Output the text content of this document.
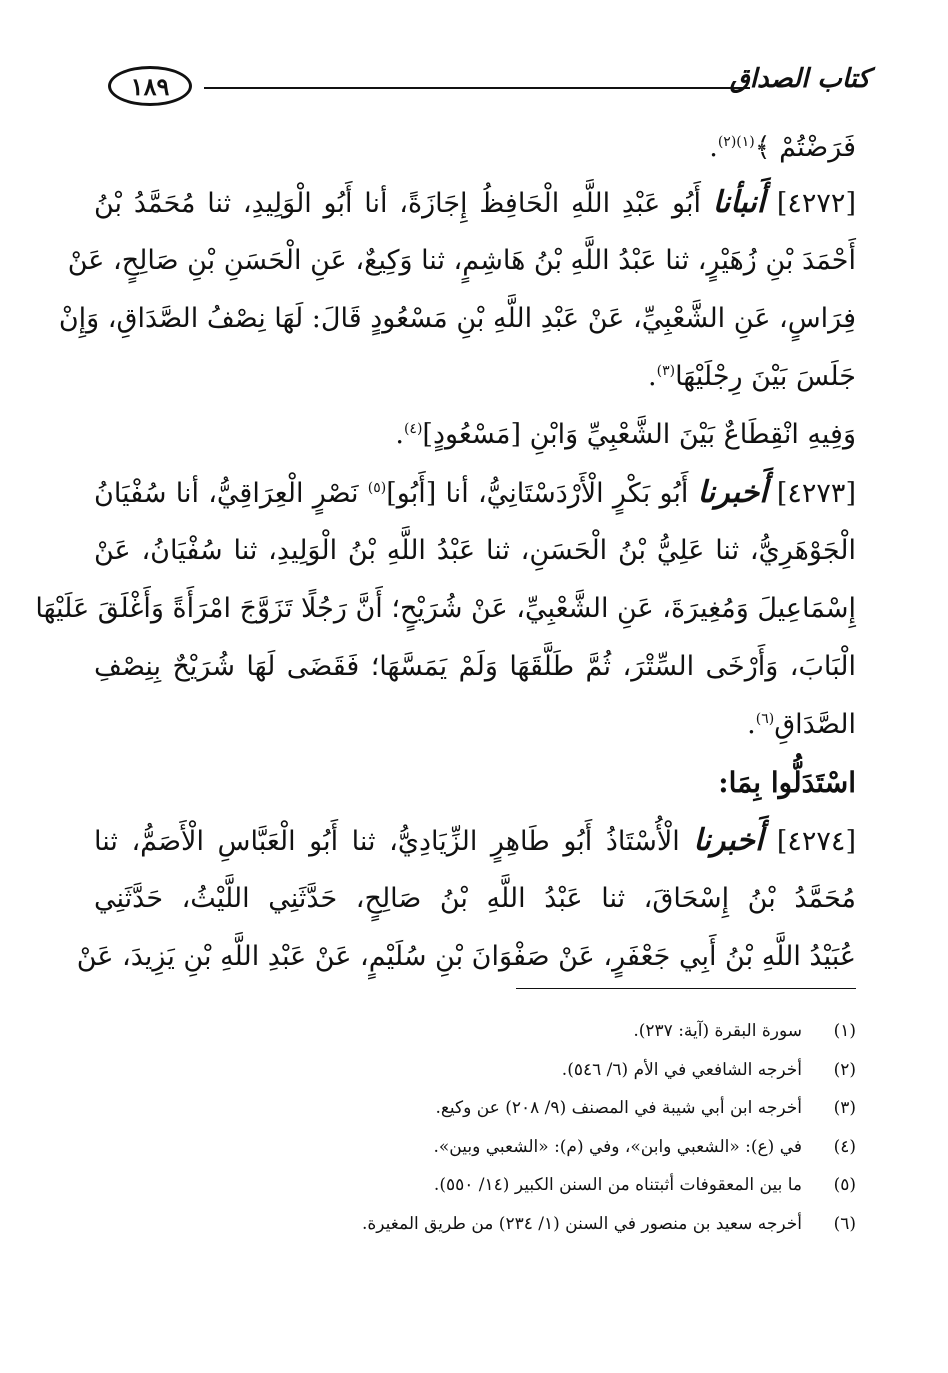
١٨٩	كتاب الصداق
فَرَضْتُمْ ﴾$^{(١)(٢)}$.
[٤٢٧٢] أَنبأنا أَبُو عَبْدِ اللَّهِ الْحَافِظُ إِجَازَةً، أنا أَبُو الْوَلِيدِ، ثنا مُحَمَّدُ بْنُ
أَحْمَدَ بْنِ زُهَيْرٍ، ثنا عَبْدُ اللَّهِ بْنُ هَاشِمٍ، ثنا وَكِيعٌ، عَنِ الْحَسَنِ بْنِ صَالِحٍ، عَنْ
فِرَاسٍ، عَنِ الشَّعْبِيِّ، عَنْ عَبْدِ اللَّهِ بْنِ مَسْعُودٍ قَالَ: لَهَا نِصْفُ الصَّدَاقِ، وَإِنْ
جَلَسَ بَيْنَ رِجْلَيْهَا$^{(٣)}$.
وَفِيهِ انْقِطَاعٌ بَيْنَ الشَّعْبِيِّ وَابْنِ [مَسْعُودٍ]$^{(٤)}$.
[٤٢٧٣] أَخبرنا أَبُو بَكْرٍ الْأَرْدَسْتَانِيُّ، أنا [أَبُو]$^{(٥)}$ نَصْرٍ الْعِرَاقِيُّ، أنا سُفْيَانُ
الْجَوْهَرِيُّ، ثنا عَلِيُّ بْنُ الْحَسَنِ، ثنا عَبْدُ اللَّهِ بْنُ الْوَلِيدِ، ثنا سُفْيَانُ، عَنْ
إِسْمَاعِيلَ وَمُغِيرَةَ، عَنِ الشَّعْبِيِّ، عَنْ شُرَيْحٍ؛ أَنَّ رَجُلًا تَزَوَّجَ امْرَأَةً وَأَغْلَقَ عَلَيْهَا
الْبَابَ، وَأَرْخَى السِّتْرَ، ثُمَّ طَلَّقَهَا وَلَمْ يَمَسَّهَا؛ فَقَضَى لَهَا شُرَيْحٌ بِنِصْفِ
الصَّدَاقِ$^{(٦)}$.
اسْتَدَلُّوا بِمَا:
[٤٢٧٤] أَخبرنا الْأُسْتَاذُ أَبُو طَاهِرٍ الزِّيَادِيُّ، ثنا أَبُو الْعَبَّاسِ الْأَصَمُّ، ثنا
مُحَمَّدُ بْنُ إِسْحَاقَ، ثنا عَبْدُ اللَّهِ بْنُ صَالِحٍ، حَدَّثَنِي اللَّيْثُ، حَدَّثَنِي
عُبَيْدُ اللَّهِ بْنُ أَبِي جَعْفَرٍ، عَنْ صَفْوَانَ بْنِ سُلَيْمٍ، عَنْ عَبْدِ اللَّهِ بْنِ يَزِيدَ، عَنْ
(١)سورة البقرة (آية: ٢٣٧).
(٢)أخرجه الشافعي في الأم (٦/ ٥٤٦).
(٣)أخرجه ابن أبي شيبة في المصنف (٩/ ٢٠٨) عن وكيع.
(٤)في (ع): «الشعبي وابن»، وفي (م): «الشعبي وبين».
(٥)ما بين المعقوفات أثبتناه من السنن الكبير (١٤/ ٥٥٠).
(٦)أخرجه سعيد بن منصور في السنن (١/ ٢٣٤) من طريق المغيرة.
